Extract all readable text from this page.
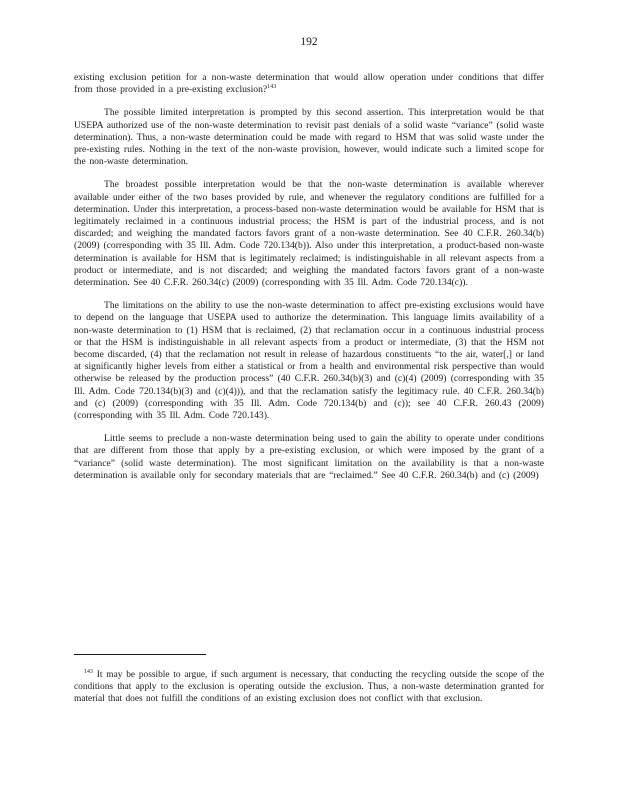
192

existing exclusion petition for a non-waste determination that would allow operation under conditions that differ from those provided in a pre-existing exclusion?$^{143}$

The possible limited interpretation is prompted by this second assertion. This interpretation would be that USEPA authorized use of the non-waste determination to revisit past denials of a solid waste “variance” (solid waste determination). Thus, a non-waste determination could be made with regard to HSM that was solid waste under the pre-existing rules. Nothing in the text of the non-waste provision, however, would indicate such a limited scope for the non-waste determination.

The broadest possible interpretation would be that the non-waste determination is available wherever available under either of the two bases provided by rule, and whenever the regulatory conditions are fulfilled for a determination. Under this interpretation, a process-based non-waste determination would be available for HSM that is legitimately reclaimed in a continuous industrial process; the HSM is part of the industrial process, and is not discarded; and weighing the mandated factors favors grant of a non-waste determination. See 40 C.F.R. 260.34(b) (2009) (corresponding with 35 Ill. Adm. Code 720.134(b)). Also under this interpretation, a product-based non-waste determination is available for HSM that is legitimately reclaimed; is indistinguishable in all relevant aspects from a product or intermediate, and is not discarded; and weighing the mandated factors favors grant of a non-waste determination. See 40 C.F.R. 260.34(c) (2009) (corresponding with 35 Ill. Adm. Code 720.134(c)).

The limitations on the ability to use the non-waste determination to affect pre-existing exclusions would have to depend on the language that USEPA used to authorize the determination. This language limits availability of a non-waste determination to (1) HSM that is reclaimed, (2) that reclamation occur in a continuous industrial process or that the HSM is indistinguishable in all relevant aspects from a product or intermediate, (3) that the HSM not become discarded, (4) that the reclamation not result in release of hazardous constituents “to the air, water[,] or land at significantly higher levels from either a statistical or from a health and environmental risk perspective than would otherwise be released by the production process” (40 C.F.R. 260.34(b)(3) and (c)(4) (2009) (corresponding with 35 Ill. Adm. Code 720.134(b)(3) and (c)(4))), and that the reclamation satisfy the legitimacy rule. 40 C.F.R. 260.34(b) and (c) (2009) (corresponding with 35 Ill. Adm. Code 720.134(b) and (c)); see 40 C.F.R. 260.43 (2009) (corresponding with 35 Ill. Adm. Code 720.143).

Little seems to preclude a non-waste determination being used to gain the ability to operate under conditions that are different from those that apply by a pre-existing exclusion, or which were imposed by the grant of a “variance” (solid waste determination). The most significant limitation on the availability is that a non-waste determination is available only for secondary materials that are “reclaimed.” See 40 C.F.R. 260.34(b) and (c) (2009)

$^{143}$ It may be possible to argue, if such argument is necessary, that conducting the recycling outside the scope of the conditions that apply to the exclusion is operating outside the exclusion. Thus, a non-waste determination granted for material that does not fulfill the conditions of an existing exclusion does not conflict with that exclusion.
